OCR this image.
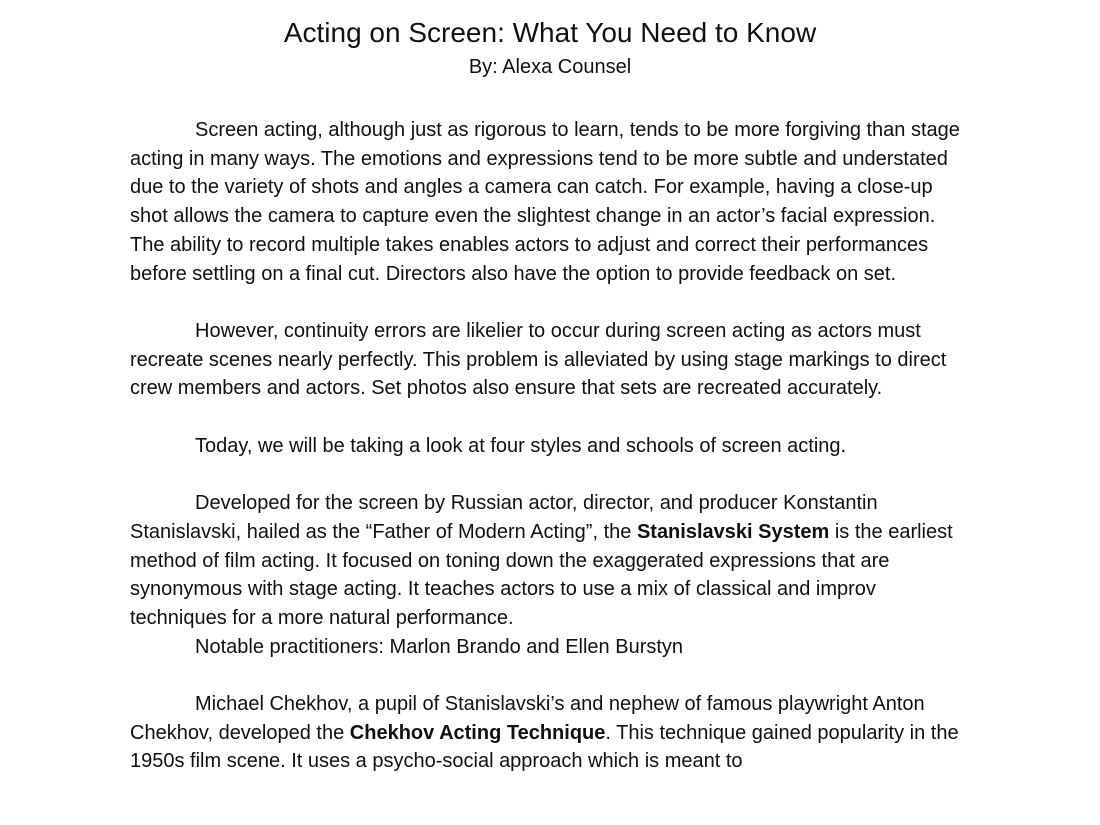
Acting on Screen: What You Need to Know

By: Alexa Counsel

Screen acting, although just as rigorous to learn, tends to be more forgiving than stage acting in many ways. The emotions and expressions tend to be more subtle and understated due to the variety of shots and angles a camera can catch. For example, having a close-up shot allows the camera to capture even the slightest change in an actor’s facial expression. The ability to record multiple takes enables actors to adjust and correct their performances before settling on a final cut. Directors also have the option to provide feedback on set.

However, continuity errors are likelier to occur during screen acting as actors must recreate scenes nearly perfectly. This problem is alleviated by using stage markings to direct crew members and actors. Set photos also ensure that sets are recreated accurately.

Today, we will be taking a look at four styles and schools of screen acting.

Developed for the screen by Russian actor, director, and producer Konstantin Stanislavski, hailed as the “Father of Modern Acting”, the Stanislavski System is the earliest method of film acting. It focused on toning down the exaggerated expressions that are synonymous with stage acting. It teaches actors to use a mix of classical and improv techniques for a more natural performance.

Notable practitioners: Marlon Brando and Ellen Burstyn

Michael Chekhov, a pupil of Stanislavski’s and nephew of famous playwright Anton Chekhov, developed the Chekhov Acting Technique. This technique gained popularity in the 1950s film scene. It uses a psycho-social approach which is meant to
